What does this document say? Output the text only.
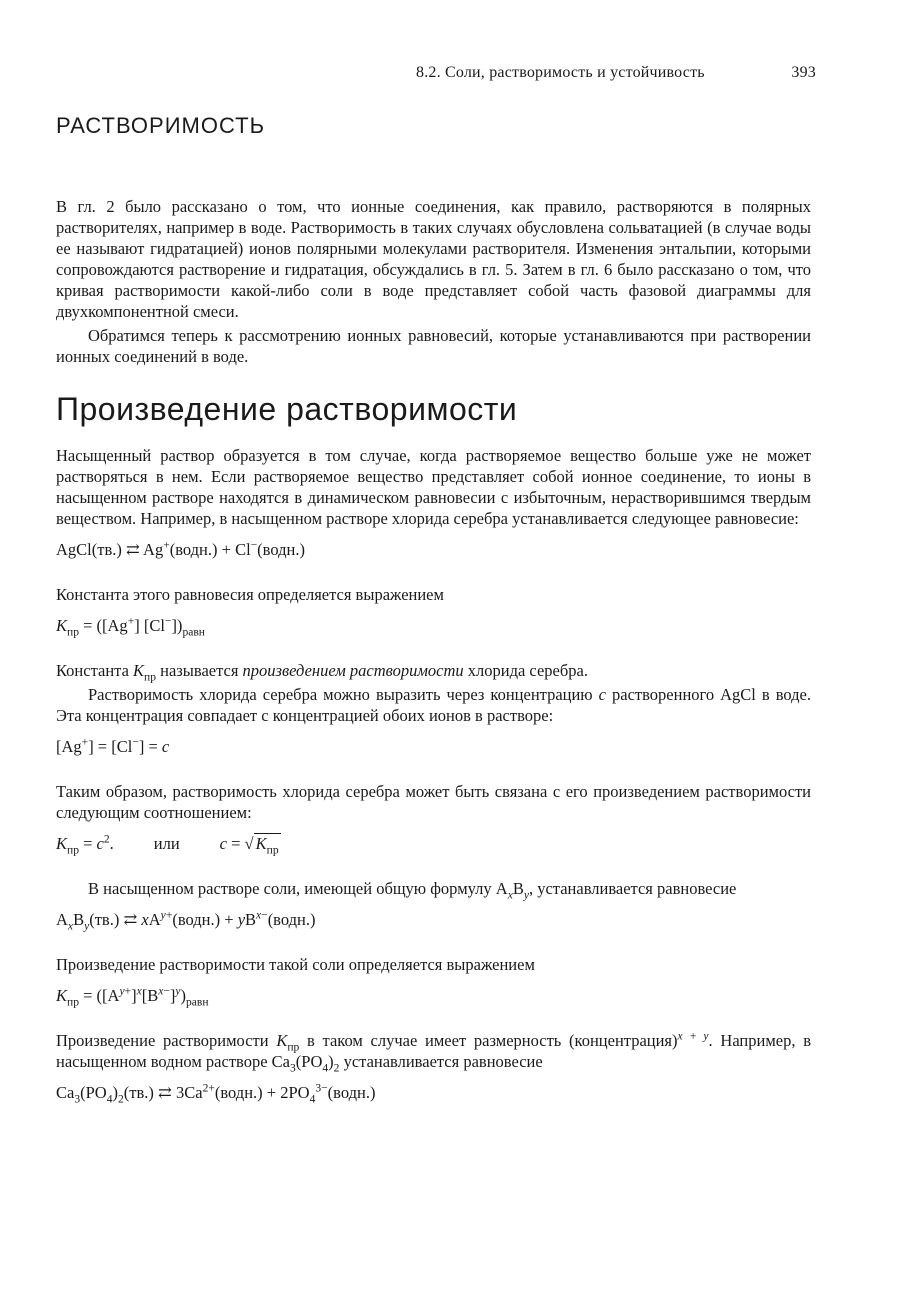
8.2. Соли, растворимость и устойчивость	393
РАСТВОРИМОСТЬ

В гл. 2 было рассказано о том, что ионные соединения, как правило, растворяются в полярных растворителях, например в воде. Растворимость в таких случаях обусловлена сольватацией (в случае воды ее называют гидратацией) ионов полярными молекулами растворителя. Изменения энтальпии, которыми сопровождаются растворение и гидратация, обсуждались в гл. 5. Затем в гл. 6 было рассказано о том, что кривая растворимости какой-либо соли в воде представляет собой часть фазовой диаграммы для двухкомпонентной смеси.

Обратимся теперь к рассмотрению ионных равновесий, которые устанавливаются при растворении ионных соединений в воде.

Произведение растворимости

Насыщенный раствор образуется в том случае, когда растворяемое вещество больше уже не может растворяться в нем. Если растворяемое вещество представляет собой ионное соединение, то ионы в насыщенном растворе находятся в динамическом равновесии с избыточным, нерастворившимся твердым веществом. Например, в насыщенном растворе хлорида серебра устанавливается следующее равновесие:

AgCl(тв.) ⇄ Ag+(водн.) + Cl−(водн.)

Константа этого равновесия определяется выражением

$K_{пр} = ([Ag^+]$ $[Cl^-])_{равн}$

Константа $K_{пр}$ называется произведением растворимости хлорида серебра.

Растворимость хлорида серебра можно выразить через концентрацию c растворенного AgCl в воде. Эта концентрация совпадает с концентрацией обоих ионов в растворе:

[Ag+] = [Cl−] = c

Таким образом, растворимость хлорида серебра может быть связана с его произведением растворимости следующим соотношением:

$K_{пр} = c^2$. или c = √ $K_{пр}$

В насыщенном растворе соли, имеющей общую формулу $A_xB_y$, устанавливается равновесие

$A_xB_y(тв.)$ ⇄ $xA^{y+}(водн.)$ + $yB^{x-}(водн.)$

Произведение растворимости такой соли определяется выражением

$K_{пр} = ([A^{y+}]^x[B^{x-}]^y)_{равн}$

Произведение растворимости $K_{пр}$ в таком случае имеет размерность (концентрация)$^{x + y}$. Например, в насыщенном водном растворе $Ca_3(PO_4)_2$ устанавливается равновесие

$Ca_3(PO_4)_2(тв.)$ ⇄ $3Ca^{2+}(водн.)$ + $2PO_4^{3-}(водн.)$
